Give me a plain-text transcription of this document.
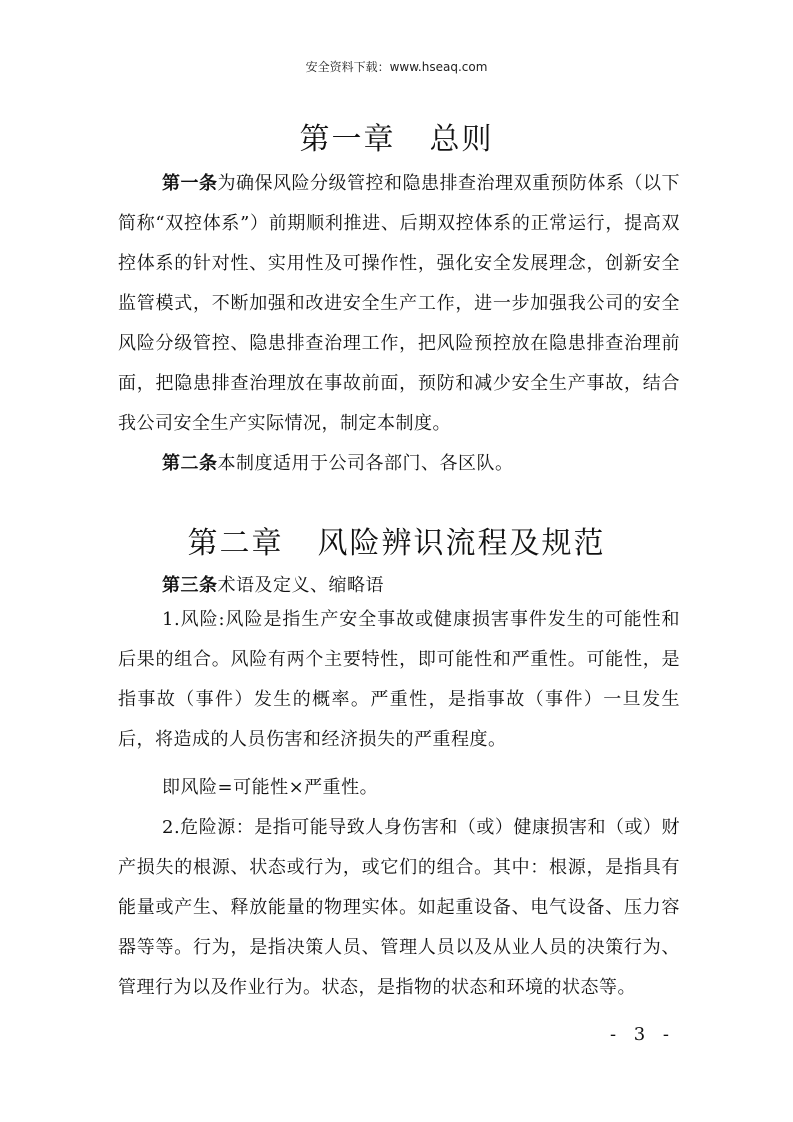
安全资料下载：www.hseaq.com
第一章 总则
第一条为确保风险分级管控和隐患排查治理双重预防体系（以下简称“双控体系”）前期顺利推进、后期双控体系的正常运行，提高双控体系的针对性、实用性及可操作性，强化安全发展理念，创新安全监管模式，不断加强和改进安全生产工作，进一步加强我公司的安全风险分级管控、隐患排查治理工作，把风险预控放在隐患排查治理前面，把隐患排查治理放在事故前面，预防和减少安全生产事故，结合我公司安全生产实际情况，制定本制度。
第二条本制度适用于公司各部门、各区队。
第二章 风险辨识流程及规范
第三条术语及定义、缩略语
1.风险:风险是指生产安全事故或健康损害事件发生的可能性和后果的组合。风险有两个主要特性，即可能性和严重性。可能性，是指事故（事件）发生的概率。严重性，是指事故（事件）一旦发生后，将造成的人员伤害和经济损失的严重程度。
即风险=可能性×严重性。
2.危险源：是指可能导致人身伤害和（或）健康损害和（或）财产损失的根源、状态或行为，或它们的组合。其中：根源，是指具有能量或产生、释放能量的物理实体。如起重设备、电气设备、压力容器等等。行为，是指决策人员、管理人员以及从业人员的决策行为、管理行为以及作业行为。状态，是指物的状态和环境的状态等。
- 3 -
